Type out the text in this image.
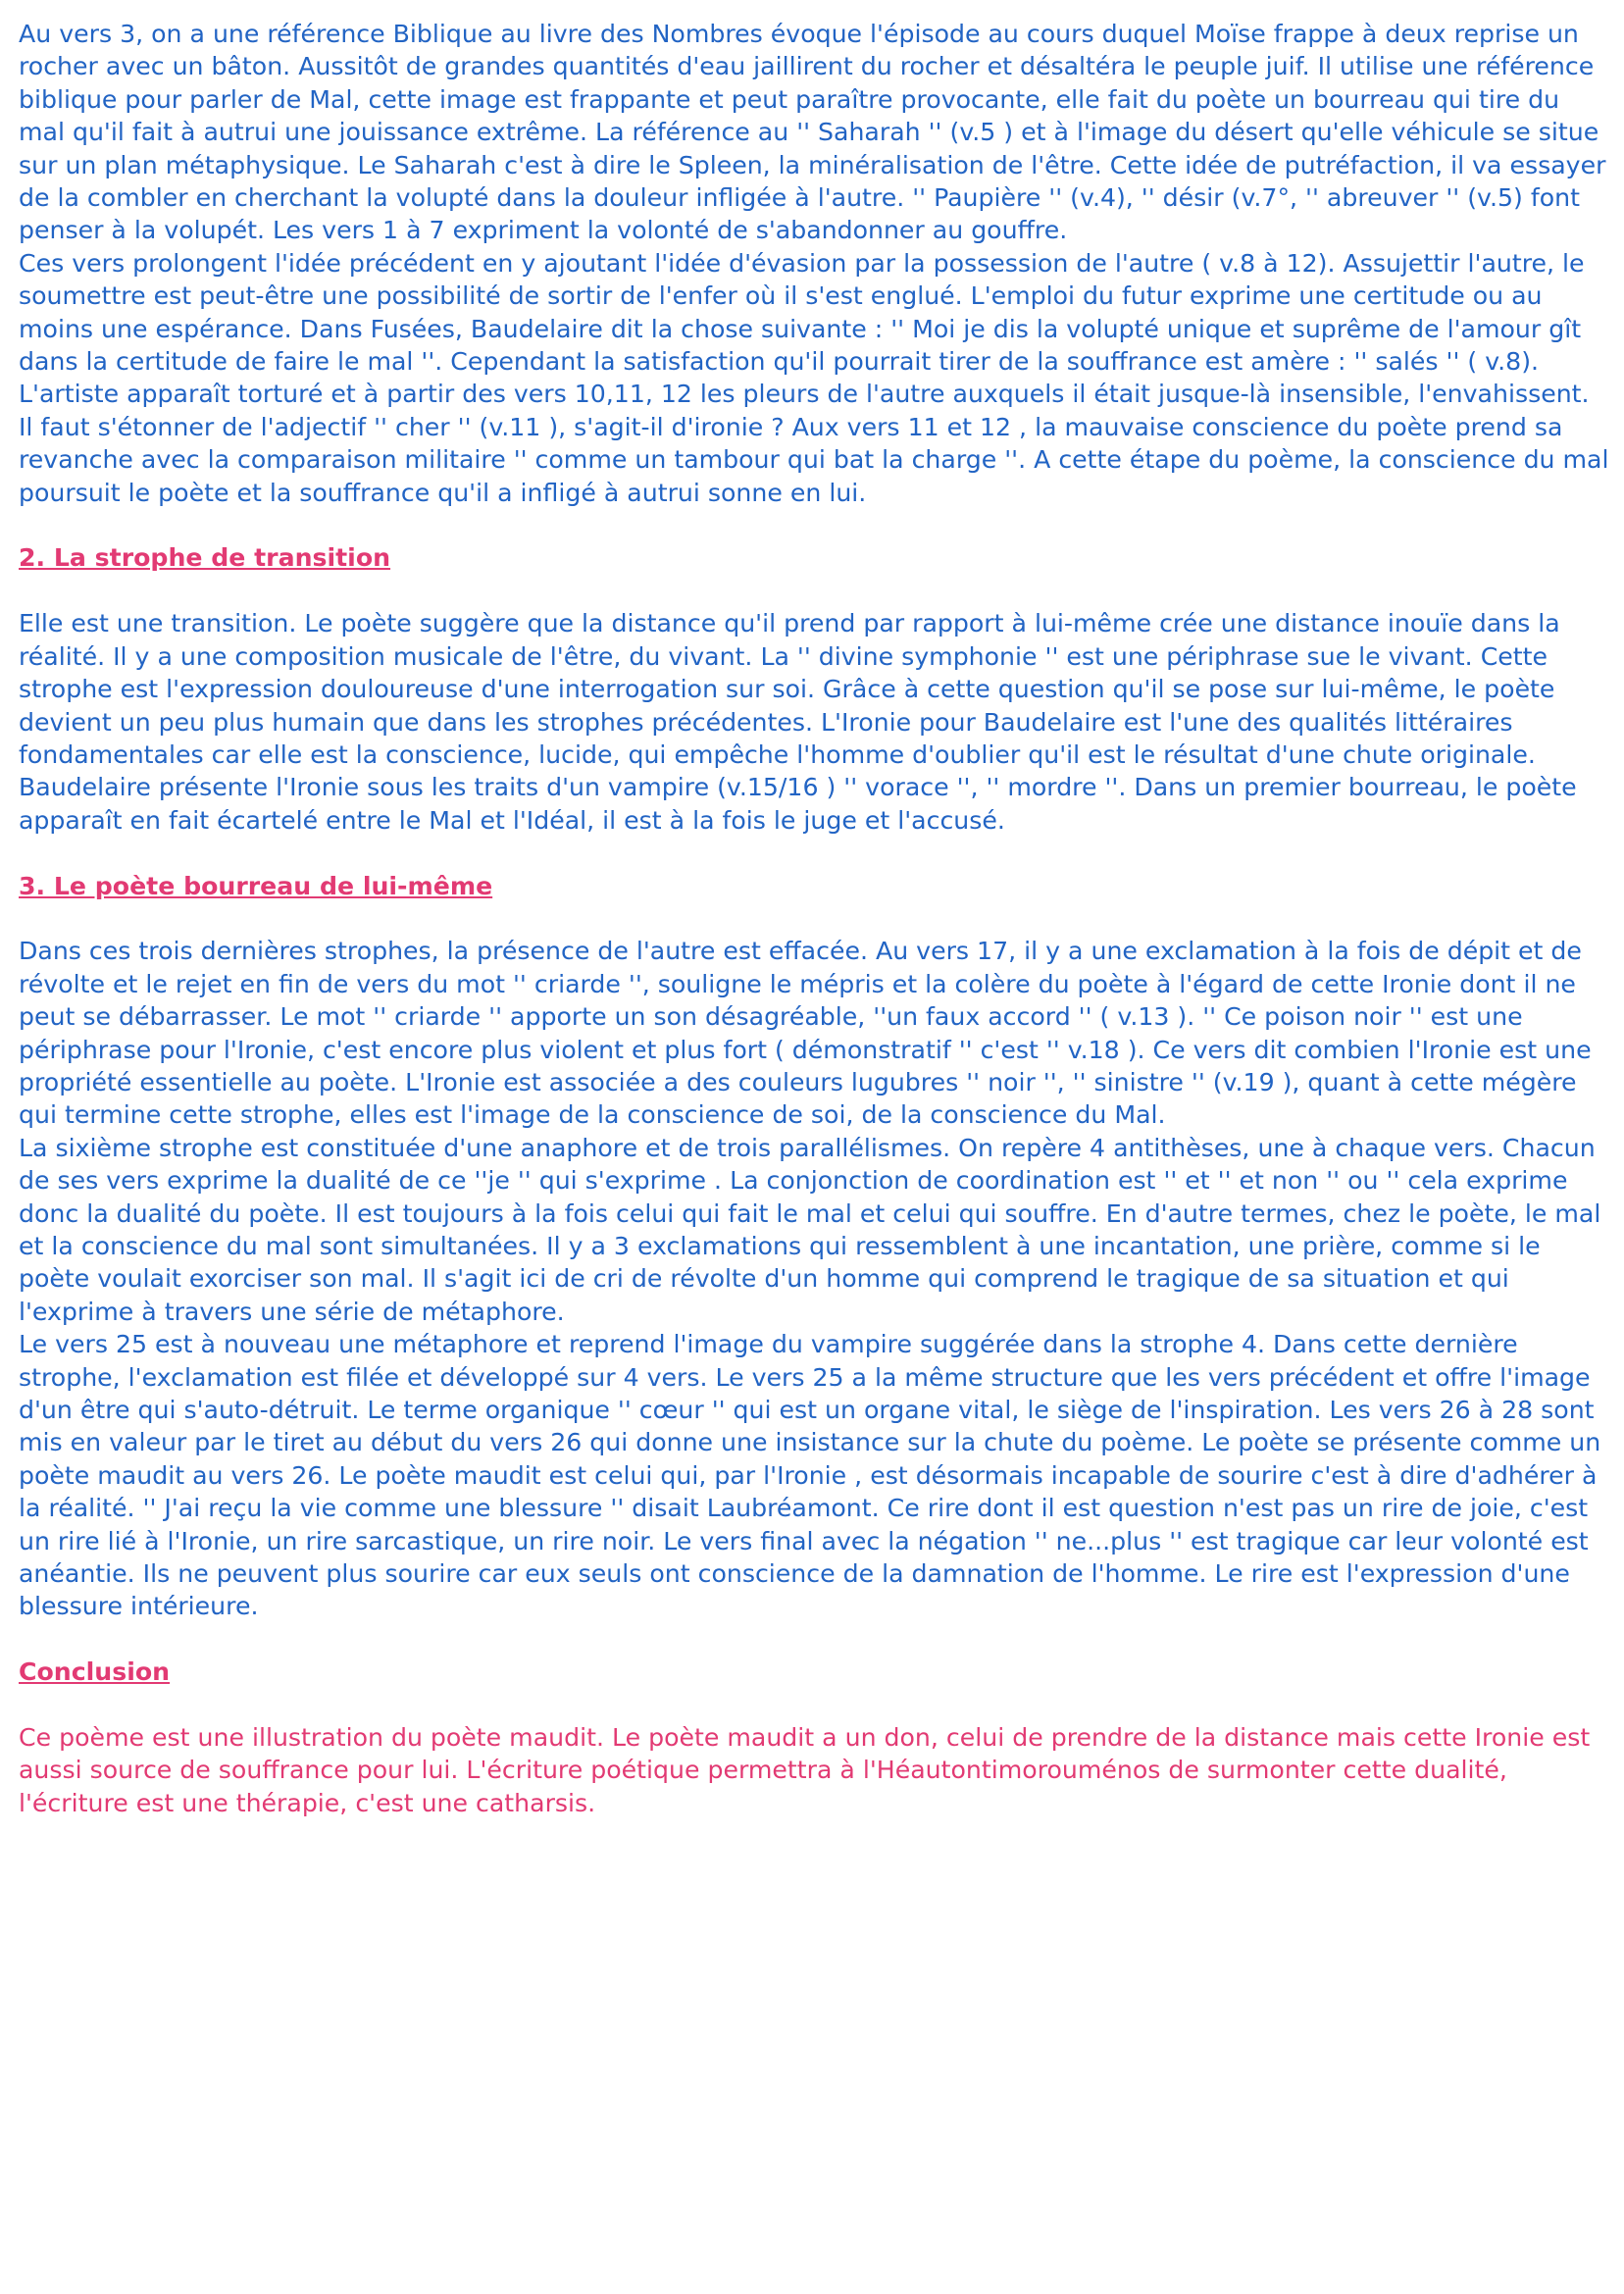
Au vers 3, on a une référence Biblique au livre des Nombres évoque l'épisode au cours duquel Moïse frappe à deux reprise un rocher avec un bâton. Aussitôt de grandes quantités d'eau jaillirent du rocher et désaltéra le peuple juif. Il utilise une référence biblique pour parler de Mal, cette image est frappante et peut paraître provocante, elle fait du poète un bourreau qui tire du mal qu'il fait à autrui une jouissance extrême. La référence au '' Saharah '' (v.5 ) et à l'image du désert qu'elle véhicule se situe sur un plan métaphysique. Le Saharah c'est à dire le Spleen, la minéralisation de l'être. Cette idée de putréfaction, il va essayer de la combler en cherchant la volupté dans la douleur infligée à l'autre. '' Paupière '' (v.4), '' désir (v.7°, '' abreuver '' (v.5) font penser à la volupét. Les vers 1 à 7 expriment la volonté de s'abandonner au gouffre.

Ces vers prolongent l'idée précédent en y ajoutant l'idée d'évasion par la possession de l'autre ( v.8 à 12). Assujettir l'autre, le soumettre est peut-être une possibilité de sortir de l'enfer où il s'est englué. L'emploi du futur exprime une certitude ou au moins une espérance. Dans Fusées, Baudelaire dit la chose suivante : '' Moi je dis la volupté unique et suprême de l'amour gît dans la certitude de faire le mal ''. Cependant la satisfaction qu'il pourrait tirer de la souffrance est amère : '' salés '' ( v.8). L'artiste apparaît torturé et à partir des vers 10,11, 12 les pleurs de l'autre auxquels il était jusque-là insensible, l'envahissent. Il faut s'étonner de l'adjectif '' cher '' (v.11 ), s'agit-il d'ironie ? Aux vers 11 et 12 , la mauvaise conscience du poète prend sa revanche avec la comparaison militaire '' comme un tambour qui bat la charge ''. A cette étape du poème, la conscience du mal poursuit le poète et la souffrance qu'il a infligé à autrui sonne en lui.

2. La strophe de transition

Elle est une transition. Le poète suggère que la distance qu'il prend par rapport à lui-même crée une distance inouïe dans la réalité. Il y a une composition musicale de l'être, du vivant. La '' divine symphonie '' est une périphrase sue le vivant. Cette strophe est l'expression douloureuse d'une interrogation sur soi. Grâce à cette question qu'il se pose sur lui-même, le poète devient un peu plus humain que dans les strophes précédentes. L'Ironie pour Baudelaire est l'une des qualités littéraires fondamentales car elle est la conscience, lucide, qui empêche l'homme d'oublier qu'il est le résultat d'une chute originale. Baudelaire présente l'Ironie sous les traits d'un vampire (v.15/16 ) '' vorace '', '' mordre ''. Dans un premier bourreau, le poète apparaît en fait écartelé entre le Mal et l'Idéal, il est à la fois le juge et l'accusé.

3. Le poète bourreau de lui-même

Dans ces trois dernières strophes, la présence de l'autre est effacée. Au vers 17, il y a une exclamation à la fois de dépit et de révolte et le rejet en fin de vers du mot '' criarde '', souligne le mépris et la colère du poète à l'égard de cette Ironie dont il ne peut se débarrasser. Le mot '' criarde '' apporte un son désagréable, ''un faux accord '' ( v.13 ). '' Ce poison noir '' est une périphrase pour l'Ironie, c'est encore plus violent et plus fort ( démonstratif '' c'est '' v.18 ). Ce vers dit combien l'Ironie est une propriété essentielle au poète. L'Ironie est associée a des couleurs lugubres '' noir '', '' sinistre '' (v.19 ), quant à cette mégère qui termine cette strophe, elles est l'image de la conscience de soi, de la conscience du Mal.

La sixième strophe est constituée d'une anaphore et de trois parallélismes. On repère 4 antithèses, une à chaque vers. Chacun de ses vers exprime la dualité de ce ''je '' qui s'exprime . La conjonction de coordination est '' et '' et non '' ou '' cela exprime donc la dualité du poète. Il est toujours à la fois celui qui fait le mal et celui qui souffre. En d'autre termes, chez le poète, le mal et la conscience du mal sont simultanées. Il y a 3 exclamations qui ressemblent à une incantation, une prière, comme si le poète voulait exorciser son mal. Il s'agit ici de cri de révolte d'un homme qui comprend le tragique de sa situation et qui l'exprime à travers une série de métaphore.

Le vers 25 est à nouveau une métaphore et reprend l'image du vampire suggérée dans la strophe 4. Dans cette dernière strophe, l'exclamation est filée et développé sur 4 vers. Le vers 25 a la même structure que les vers précédent et offre l'image d'un être qui s'auto-détruit. Le terme organique '' cœur '' qui est un organe vital, le siège de l'inspiration. Les vers 26 à 28 sont mis en valeur par le tiret au début du vers 26 qui donne une insistance sur la chute du poème. Le poète se présente comme un poète maudit au vers 26. Le poète maudit est celui qui, par l'Ironie , est désormais incapable de sourire c'est à dire d'adhérer à la réalité. '' J'ai reçu la vie comme une blessure '' disait Laubréamont. Ce rire dont il est question n'est pas un rire de joie, c'est un rire lié à l'Ironie, un rire sarcastique, un rire noir. Le vers final avec la négation '' ne...plus '' est tragique car leur volonté est anéantie. Ils ne peuvent plus sourire car eux seuls ont conscience de la damnation de l'homme. Le rire est l'expression d'une blessure intérieure.

Conclusion

Ce poème est une illustration du poète maudit. Le poète maudit a un don, celui de prendre de la distance mais cette Ironie est aussi source de souffrance pour lui. L'écriture poétique permettra à l'Héautontimorouménos de surmonter cette dualité, l'écriture est une thérapie, c'est une catharsis.
